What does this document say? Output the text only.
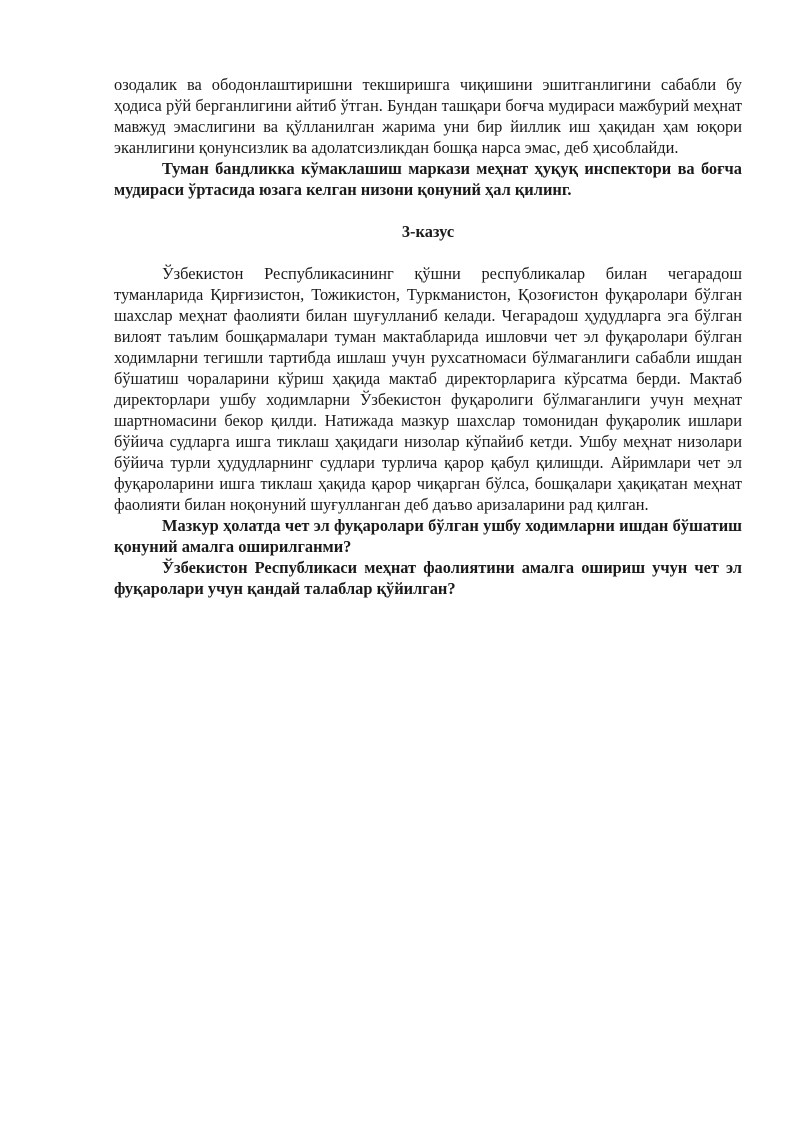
озодалик ва ободонлаштиришни текширишга чиқишини эшитганлигини сабабли бу ҳодиса рўй берганлигини айтиб ўтган. Бундан ташқари боғча мудираси мажбурий меҳнат мавжуд эмаслигини ва қўлланилган жарима уни бир йиллик иш ҳақидан ҳам юқори эканлигини қонунсизлик ва адолатсизликдан бошқа нарса эмас, деб ҳисоблайди.

Туман бандликка кўмаклашиш маркази меҳнат ҳуқуқ инспектори ва боғча мудираси ўртасида юзага келган низони қонуний ҳал қилинг.

3-казус

Ўзбекистон Республикасининг қўшни республикалар билан чегарадош туманларида Қирғизистон, Тожикистон, Туркманистон, Қозоғистон фуқаролари бўлган шахслар меҳнат фаолияти билан шуғулланиб келади. Чегарадош ҳудудларга эга бўлган вилоят таълим бошқармалари туман мактабларида ишловчи чет эл фуқаролари бўлган ходимларни тегишли тартибда ишлаш учун рухсатномаси бўлмаганлиги сабабли ишдан бўшатиш чораларини кўриш ҳақида мактаб директорларига кўрсатма берди. Мактаб директорлари ушбу ходимларни Ўзбекистон фуқаролиги бўлмаганлиги учун меҳнат шартномасини бекор қилди. Натижада мазкур шахслар томонидан фуқаролик ишлари бўйича судларга ишга тиклаш ҳақидаги низолар кўпайиб кетди. Ушбу меҳнат низолари бўйича турли ҳудудларнинг судлари турлича қарор қабул қилишди. Айримлари чет эл фуқароларини ишга тиклаш ҳақида қарор чиқарган бўлса, бошқалари ҳақиқатан меҳнат фаолияти билан ноқонуний шуғулланган деб даъво аризаларини рад қилган.

Мазкур ҳолатда чет эл фуқаролари бўлган ушбу ходимларни ишдан бўшатиш қонуний амалга оширилганми?

Ўзбекистон Республикаси меҳнат фаолиятини амалга ошириш учун чет эл фуқаролари учун қандай талаблар қўйилган?
